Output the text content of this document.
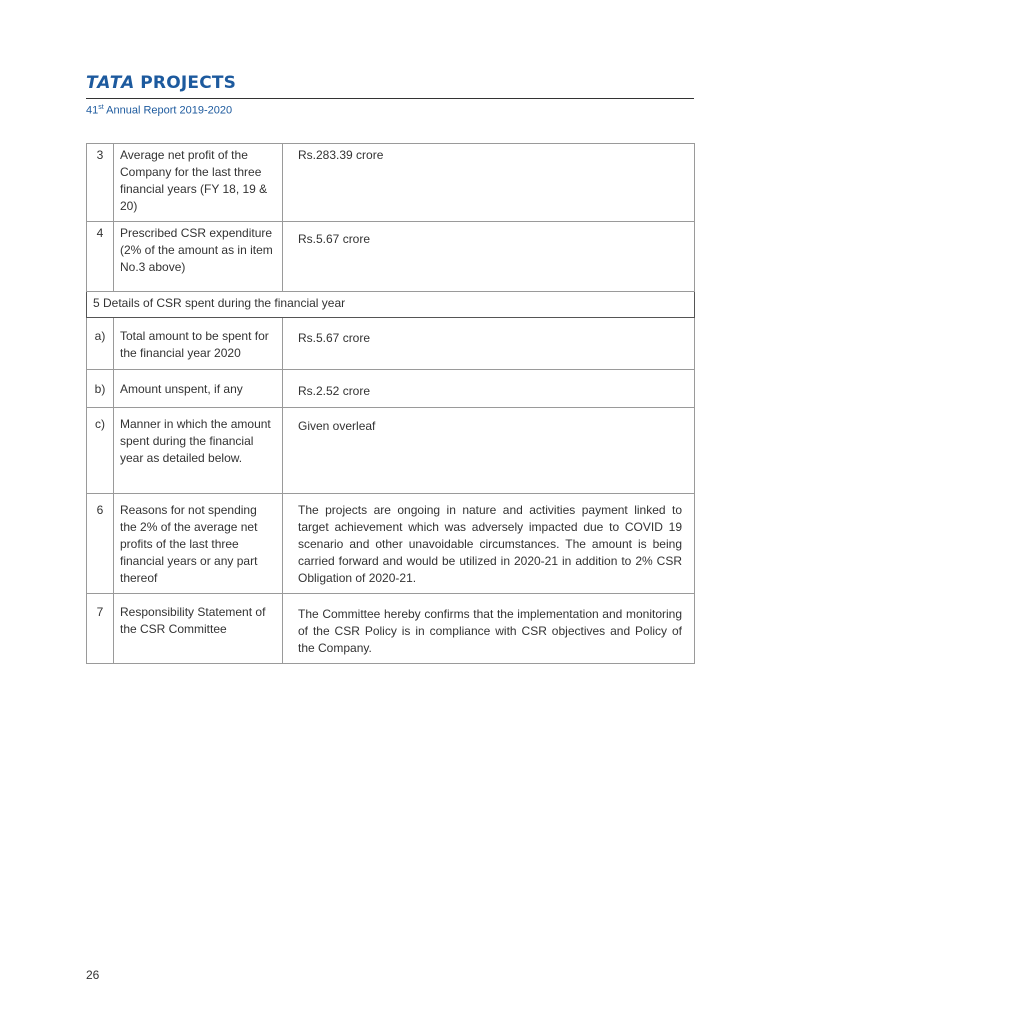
TATA PROJECTS
41st Annual Report 2019-2020
3	Average net profit of the Company for the last three financial years (FY 18, 19 & 20)	Rs.283.39 crore
4	Prescribed CSR expenditure (2% of the amount as in item No.3 above)	Rs.5.67 crore
5 Details of CSR spent during the financial year		
a)	Total amount to be spent for the financial year 2020	Rs.5.67 crore
b)	Amount unspent, if any	Rs.2.52 crore
c)	Manner in which the amount spent during the financial year as detailed below.	Given overleaf
6	Reasons for not spending the 2% of the average net profits of the last three financial years or any part thereof	The projects are ongoing in nature and activities payment linked to target achievement which was adversely impacted due to COVID 19 scenario and other unavoidable circumstances. The amount is being carried forward and would be utilized in 2020-21 in addition to 2% CSR Obligation of 2020-21.
7	Responsibility Statement of the CSR Committee	The Committee hereby confirms that the implementation and monitoring of the CSR Policy is in compliance with CSR objectives and Policy of the Company.
26
